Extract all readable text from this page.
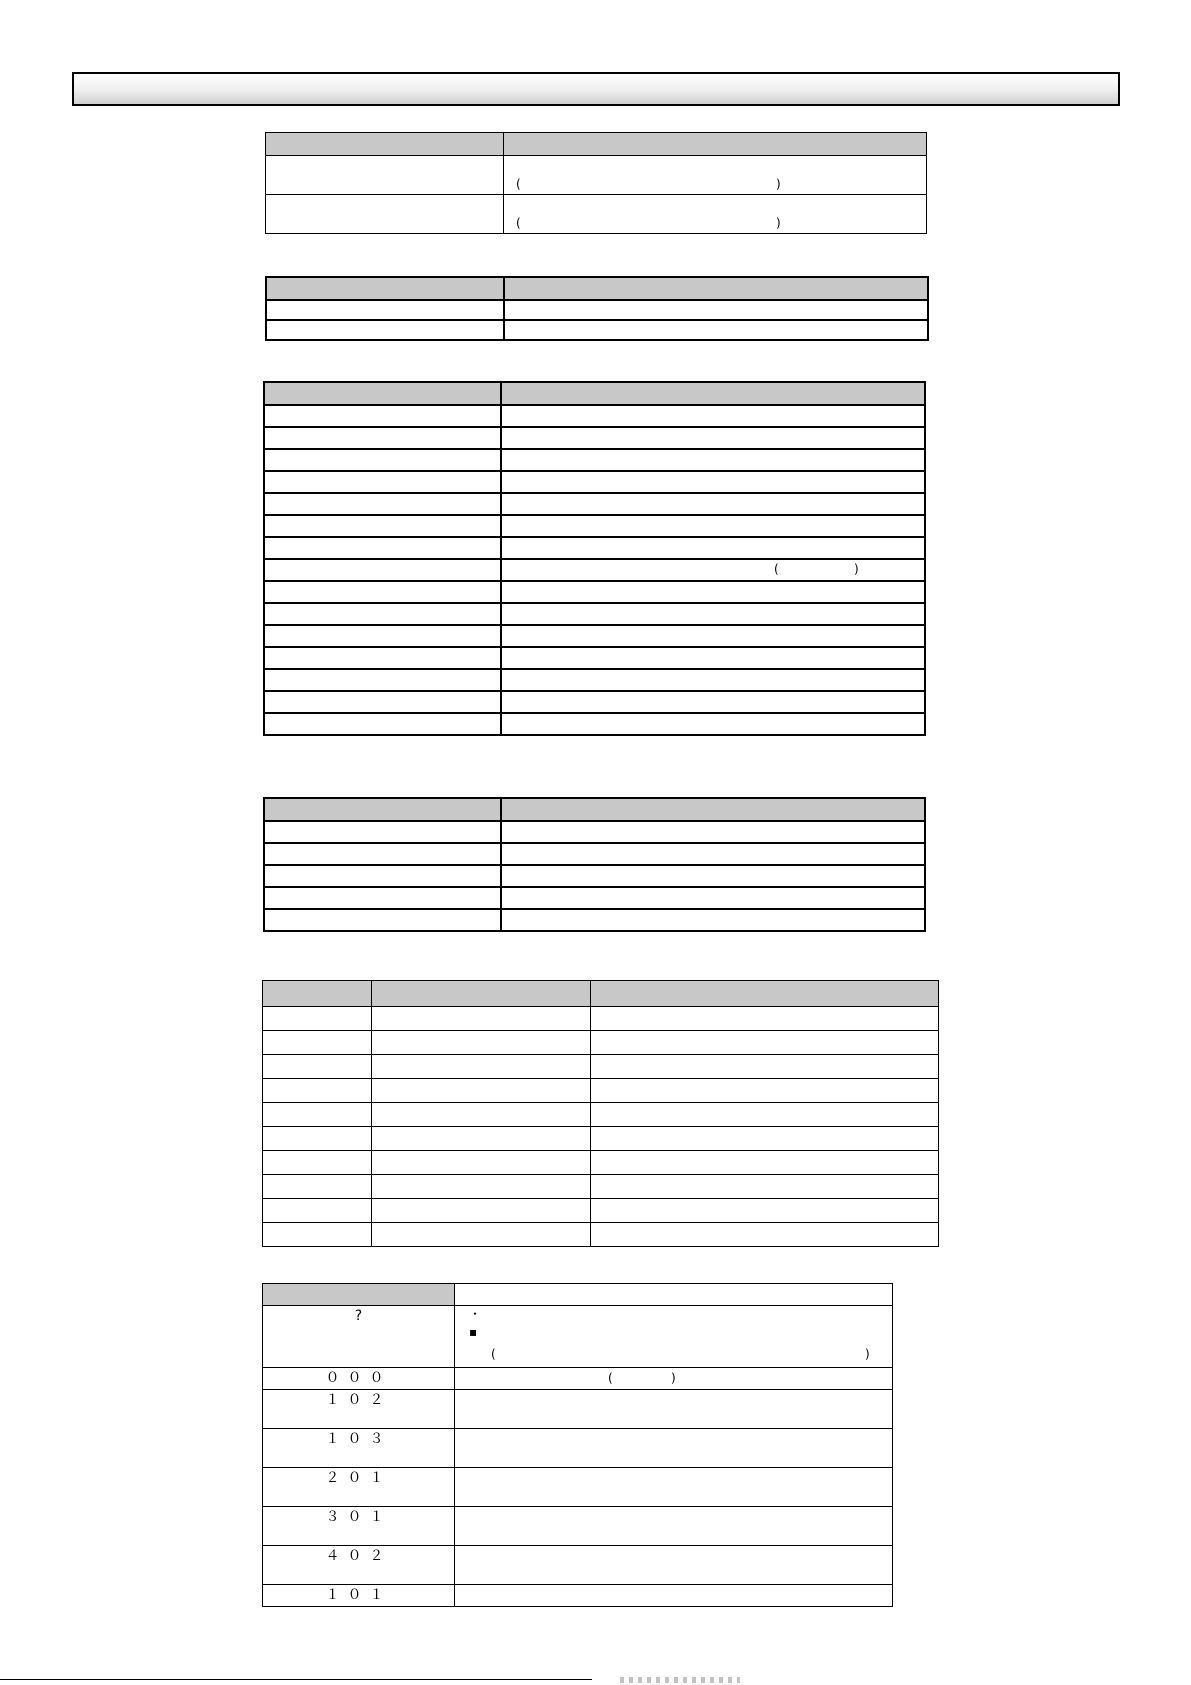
	( )

	( )

	( )

?	・
▪
( )

０００	( )

１０２	
１０３	
２０１	
３０１	
４０２	
１０１	
